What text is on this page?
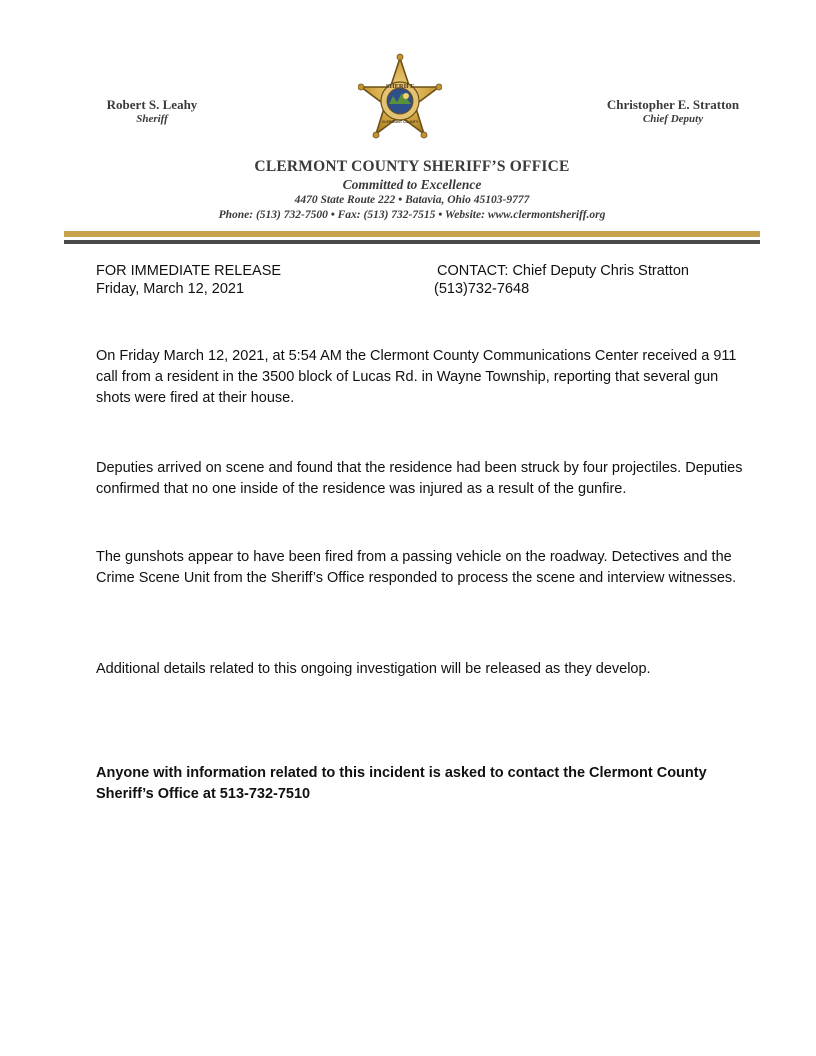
Robert S. Leahy
Sheriff
SHERIFF
CLERMONT COUNTY
Christopher E. Stratton
Chief Deputy
CLERMONT COUNTY SHERIFF’S OFFICE
Committed to Excellence
4470 State Route 222 • Batavia, Ohio 45103-9777
Phone: (513) 732-7500 • Fax: (513) 732-7515 • Website: www.clermontsheriff.org
FOR IMMEDIATE RELEASE
Friday, March 12, 2021
CONTACT: Chief Deputy Chris Stratton
(513)732-7648
On Friday March 12, 2021, at 5:54 AM the Clermont County Communications Center received a 911 call from a resident in the 3500 block of Lucas Rd. in Wayne Township, reporting that several gun shots were fired at their house.
Deputies arrived on scene and found that the residence had been struck by four projectiles. Deputies confirmed that no one inside of the residence was injured as a result of the gunfire.
The gunshots appear to have been fired from a passing vehicle on the roadway. Detectives and the Crime Scene Unit from the Sheriff’s Office responded to process the scene and interview witnesses.
Additional details related to this ongoing investigation will be released as they develop.
Anyone with information related to this incident is asked to contact the Clermont County Sheriff’s Office at 513-732-7510
